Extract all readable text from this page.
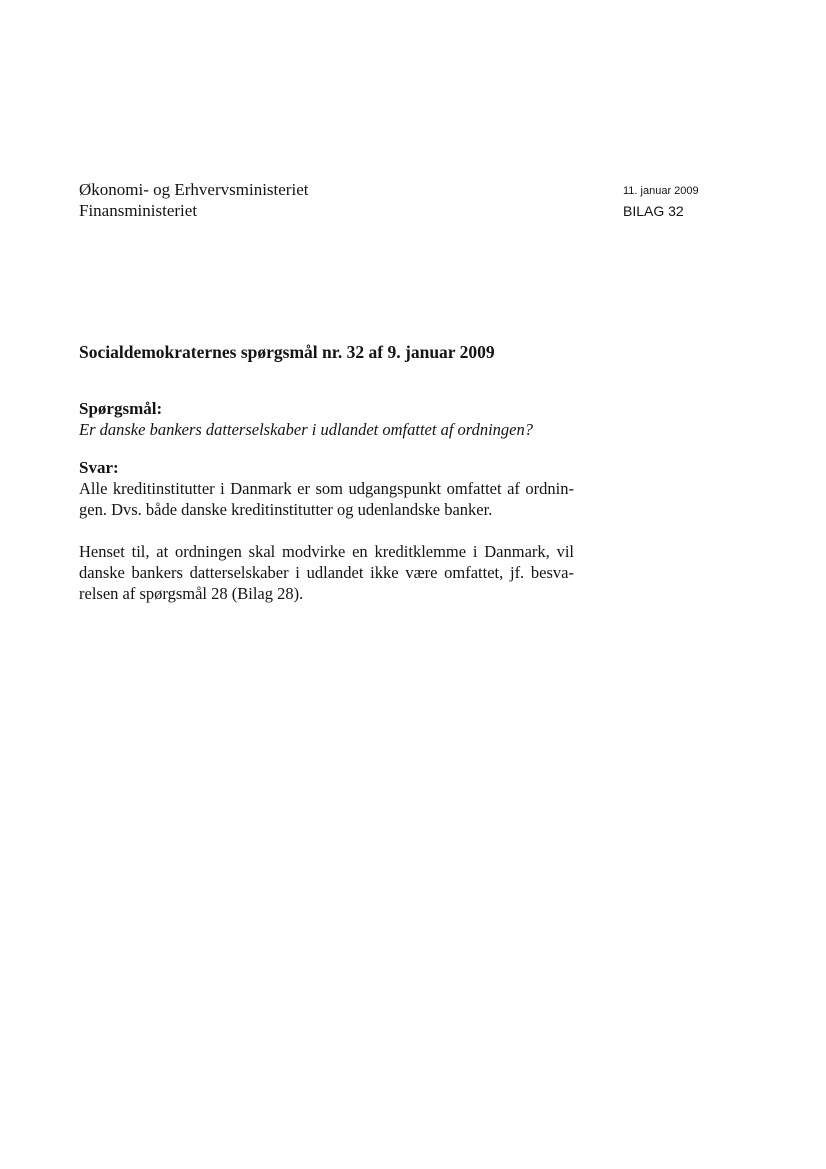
Økonomi- og Erhvervsministeriet
Finansministeriet
11. januar 2009
BILAG 32
Socialdemokraternes spørgsmål nr. 32 af 9. januar 2009
Spørgsmål:
Er danske bankers datterselskaber i udlandet omfattet af ordningen?
Svar:
Alle kreditinstitutter i Danmark er som udgangspunkt omfattet af ordnin-
gen. Dvs. både danske kreditinstitutter og udenlandske banker.
Henset til, at ordningen skal modvirke en kreditklemme i Danmark, vil
danske bankers datterselskaber i udlandet ikke være omfattet, jf. besva-
relsen af spørgsmål 28 (Bilag 28).
